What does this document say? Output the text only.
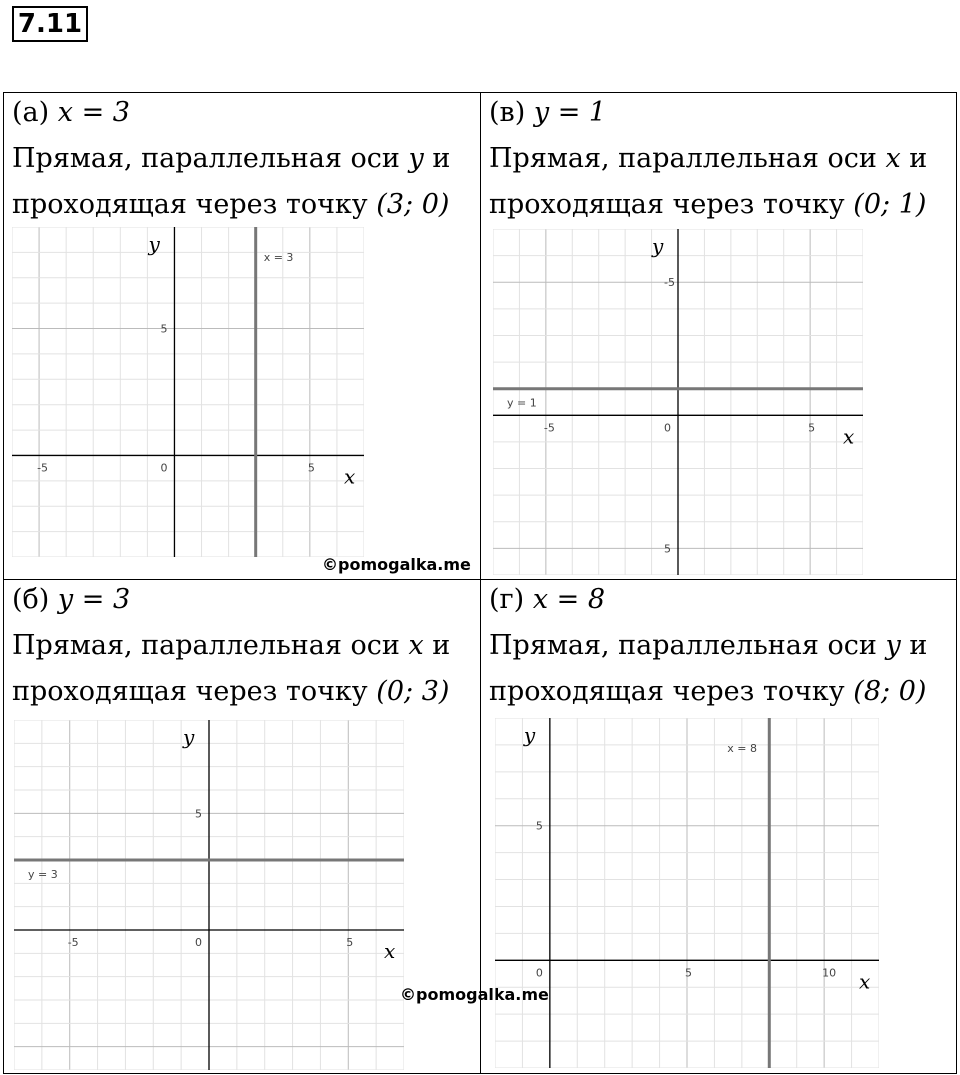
7.11
(а) x = 3
Прямая, параллельная оси y и
проходящая через точку (3; 0)
-5	0	5
5
x
y
x = 3
©pomogalka.me
(в) y = 1
Прямая, параллельная оси x и
проходящая через точку (0; 1)
-5	0	5
5
-5
x
y
y = 1
(б) y = 3
Прямая, параллельная оси x и
проходящая через точку (0; 3)
-5	0	5
5
x
y
y = 3
©pomogalka.me
(г) x = 8
Прямая, параллельная оси y и
проходящая через точку (8; 0)
0	5	10
5
x
y
x = 8
